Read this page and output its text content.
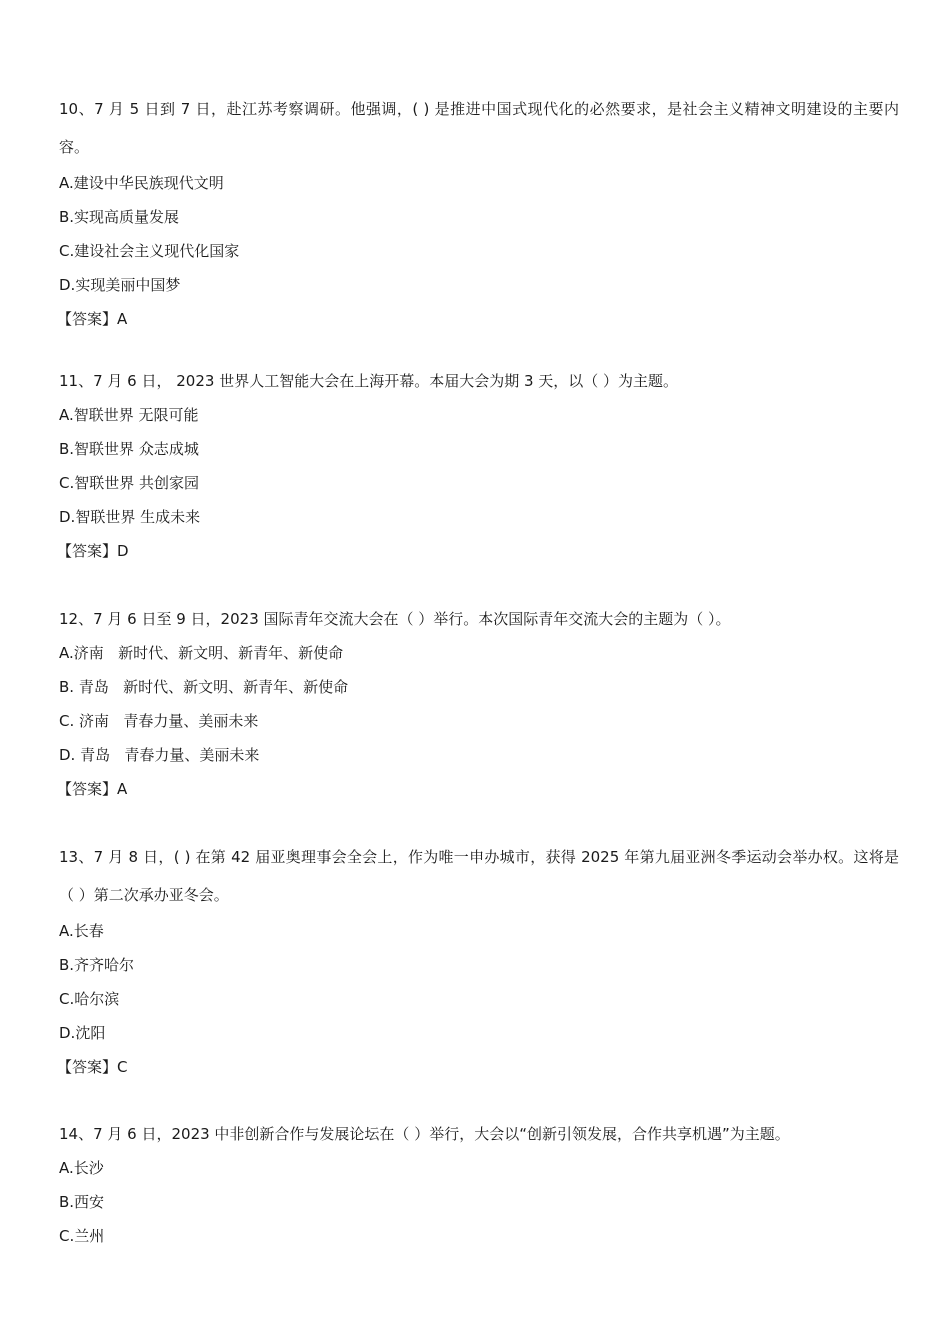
10、7 月 5 日到 7 日，赴江苏考察调研。他强调，( ) 是推进中国式现代化的必然要求，是社会主义精神文明建设的主要内容。
A.建设中华民族现代文明
B.实现高质量发展
C.建设社会主义现代化国家
D.实现美丽中国梦
【答案】A
11、7 月 6 日， 2023 世界人工智能大会在上海开幕。本届大会为期 3 天，以（ ）为主题。
A.智联世界 无限可能
B.智联世界 众志成城
C.智联世界 共创家园
D.智联世界 生成未来
【答案】D
12、7 月 6 日至 9 日，2023 国际青年交流大会在（ ）举行。本次国际青年交流大会的主题为（ ）。
A.济南   新时代、新文明、新青年、新使命
B. 青岛   新时代、新文明、新青年、新使命
C. 济南   青春力量、美丽未来
D. 青岛   青春力量、美丽未来
【答案】A
13、7 月 8 日，( ) 在第 42 届亚奥理事会全会上，作为唯一申办城市，获得 2025 年第九届亚洲冬季运动会举办权。这将是（ ）第二次承办亚冬会。
A.长春
B.齐齐哈尔
C.哈尔滨
D.沈阳
【答案】C
14、7 月 6 日，2023 中非创新合作与发展论坛在（ ）举行，大会以“创新引领发展，合作共享机遇”为主题。
A.长沙
B.西安
C.兰州
